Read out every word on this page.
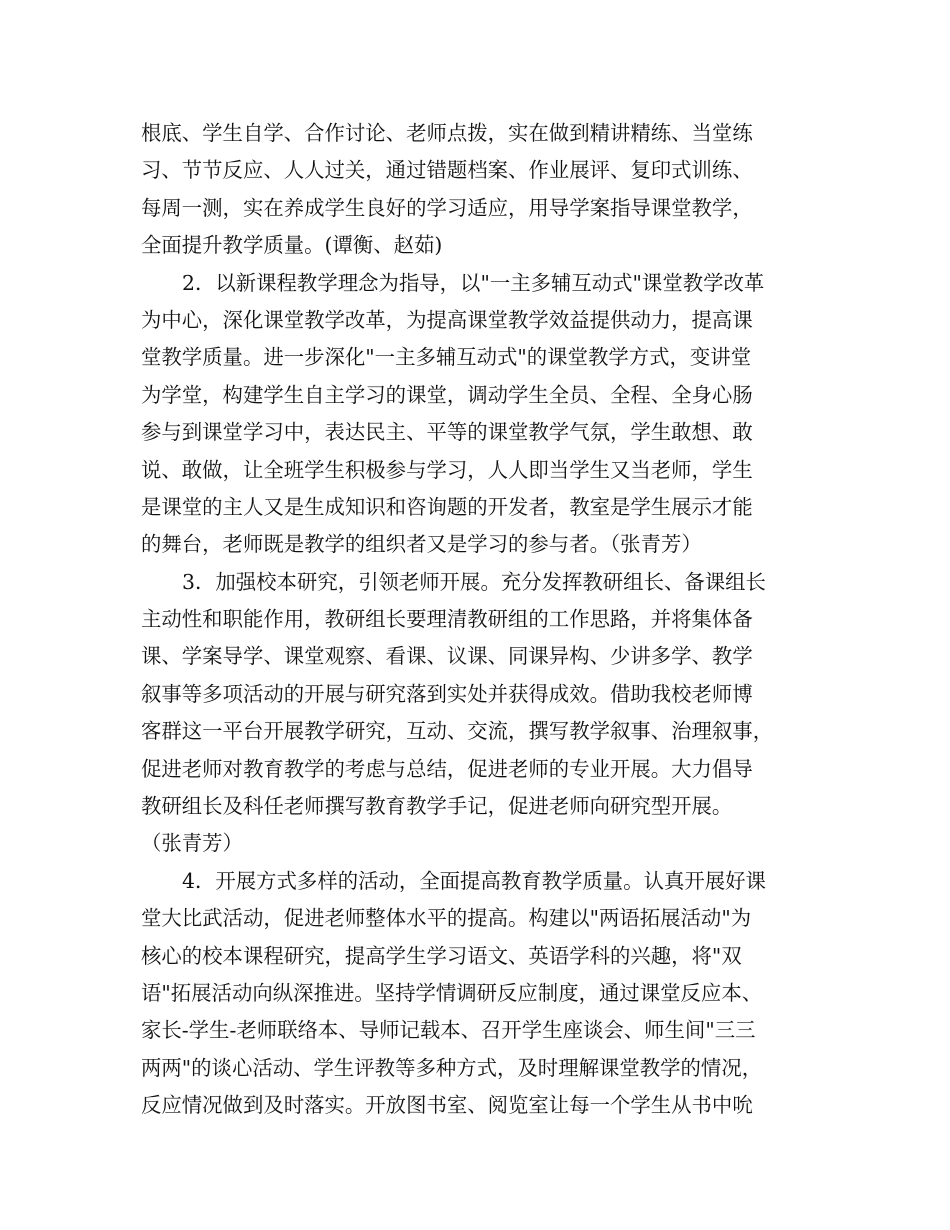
根底、学生自学、合作讨论、老师点拨，实在做到精讲精练、当堂练
习、节节反应、人人过关，通过错题档案、作业展评、复印式训练、
每周一测，实在养成学生良好的学习适应，用导学案指导课堂教学，
全面提升教学质量。(谭衡、赵茹)
2．以新课程教学理念为指导，以"一主多辅互动式"课堂教学改革
为中心，深化课堂教学改革，为提高课堂教学效益提供动力，提高课
堂教学质量。进一步深化"一主多辅互动式"的课堂教学方式，变讲堂
为学堂，构建学生自主学习的课堂，调动学生全员、全程、全身心肠
参与到课堂学习中，表达民主、平等的课堂教学气氛，学生敢想、敢
说、敢做，让全班学生积极参与学习，人人即当学生又当老师，学生
是课堂的主人又是生成知识和咨询题的开发者，教室是学生展示才能
的舞台，老师既是教学的组织者又是学习的参与者。（张青芳）
3．加强校本研究，引领老师开展。充分发挥教研组长、备课组长
主动性和职能作用，教研组长要理清教研组的工作思路，并将集体备
课、学案导学、课堂观察、看课、议课、同课异构、少讲多学、教学
叙事等多项活动的开展与研究落到实处并获得成效。借助我校老师博
客群这一平台开展教学研究，互动、交流，撰写教学叙事、治理叙事，
促进老师对教育教学的考虑与总结，促进老师的专业开展。大力倡导
教研组长及科任老师撰写教育教学手记，促进老师向研究型开展。
（张青芳）
4．开展方式多样的活动，全面提高教育教学质量。认真开展好课
堂大比武活动，促进老师整体水平的提高。构建以"两语拓展活动"为
核心的校本课程研究，提高学生学习语文、英语学科的兴趣，将"双
语"拓展活动向纵深推进。坚持学情调研反应制度，通过课堂反应本、
家长-学生-老师联络本、导师记载本、召开学生座谈会、师生间"三三
两两"的谈心活动、学生评教等多种方式，及时理解课堂教学的情况，
反应情况做到及时落实。开放图书室、阅览室让每一个学生从书中吮
